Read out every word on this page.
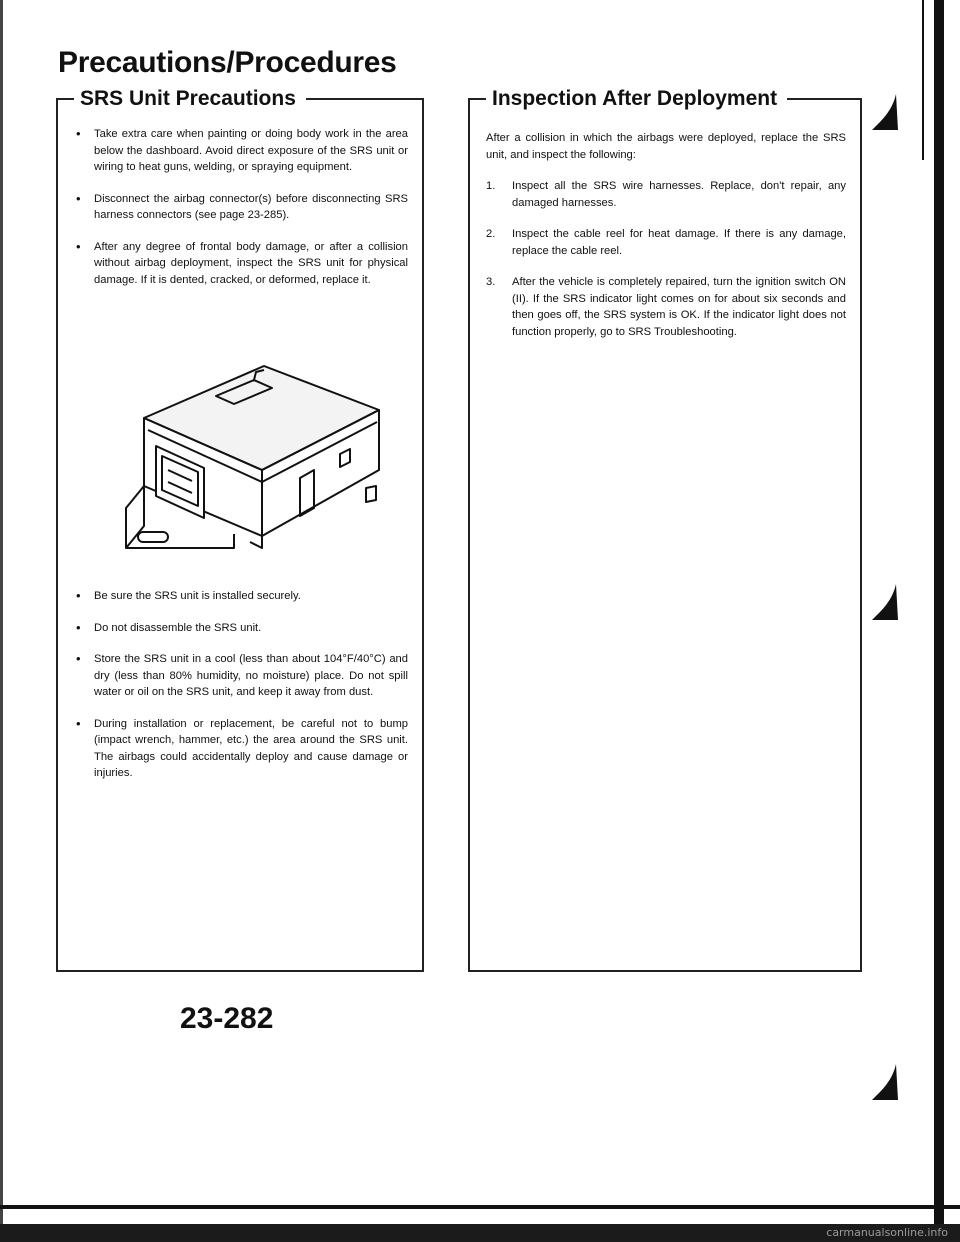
Precautions/Procedures
SRS Unit Precautions
• Take extra care when painting or doing body work in the area below the dashboard. Avoid direct exposure of the SRS unit or wiring to heat guns, welding, or spraying equipment.
• Disconnect the airbag connector(s) before disconnecting SRS harness connectors (see page 23-285).
• After any degree of frontal body damage, or after a collision without airbag deployment, inspect the SRS unit for physical damage. If it is dented, cracked, or deformed, replace it.
• Be sure the SRS unit is installed securely.
• Do not disassemble the SRS unit.
• Store the SRS unit in a cool (less than about 104°F/40°C) and dry (less than 80% humidity, no moisture) place. Do not spill water or oil on the SRS unit, and keep it away from dust.
• During installation or replacement, be careful not to bump (impact wrench, hammer, etc.) the area around the SRS unit. The airbags could accidentally deploy and cause damage or injuries.
Inspection After Deployment

After a collision in which the airbags were deployed, replace the SRS unit, and inspect the following:

1. Inspect all the SRS wire harnesses. Replace, don't repair, any damaged harnesses.
2. Inspect the cable reel for heat damage. If there is any damage, replace the cable reel.
3. After the vehicle is completely repaired, turn the ignition switch ON (II). If the SRS indicator light comes on for about six seconds and then goes off, the SRS system is OK. If the indicator light does not function properly, go to SRS Troubleshooting.
23-282
carmanualsonline.info
